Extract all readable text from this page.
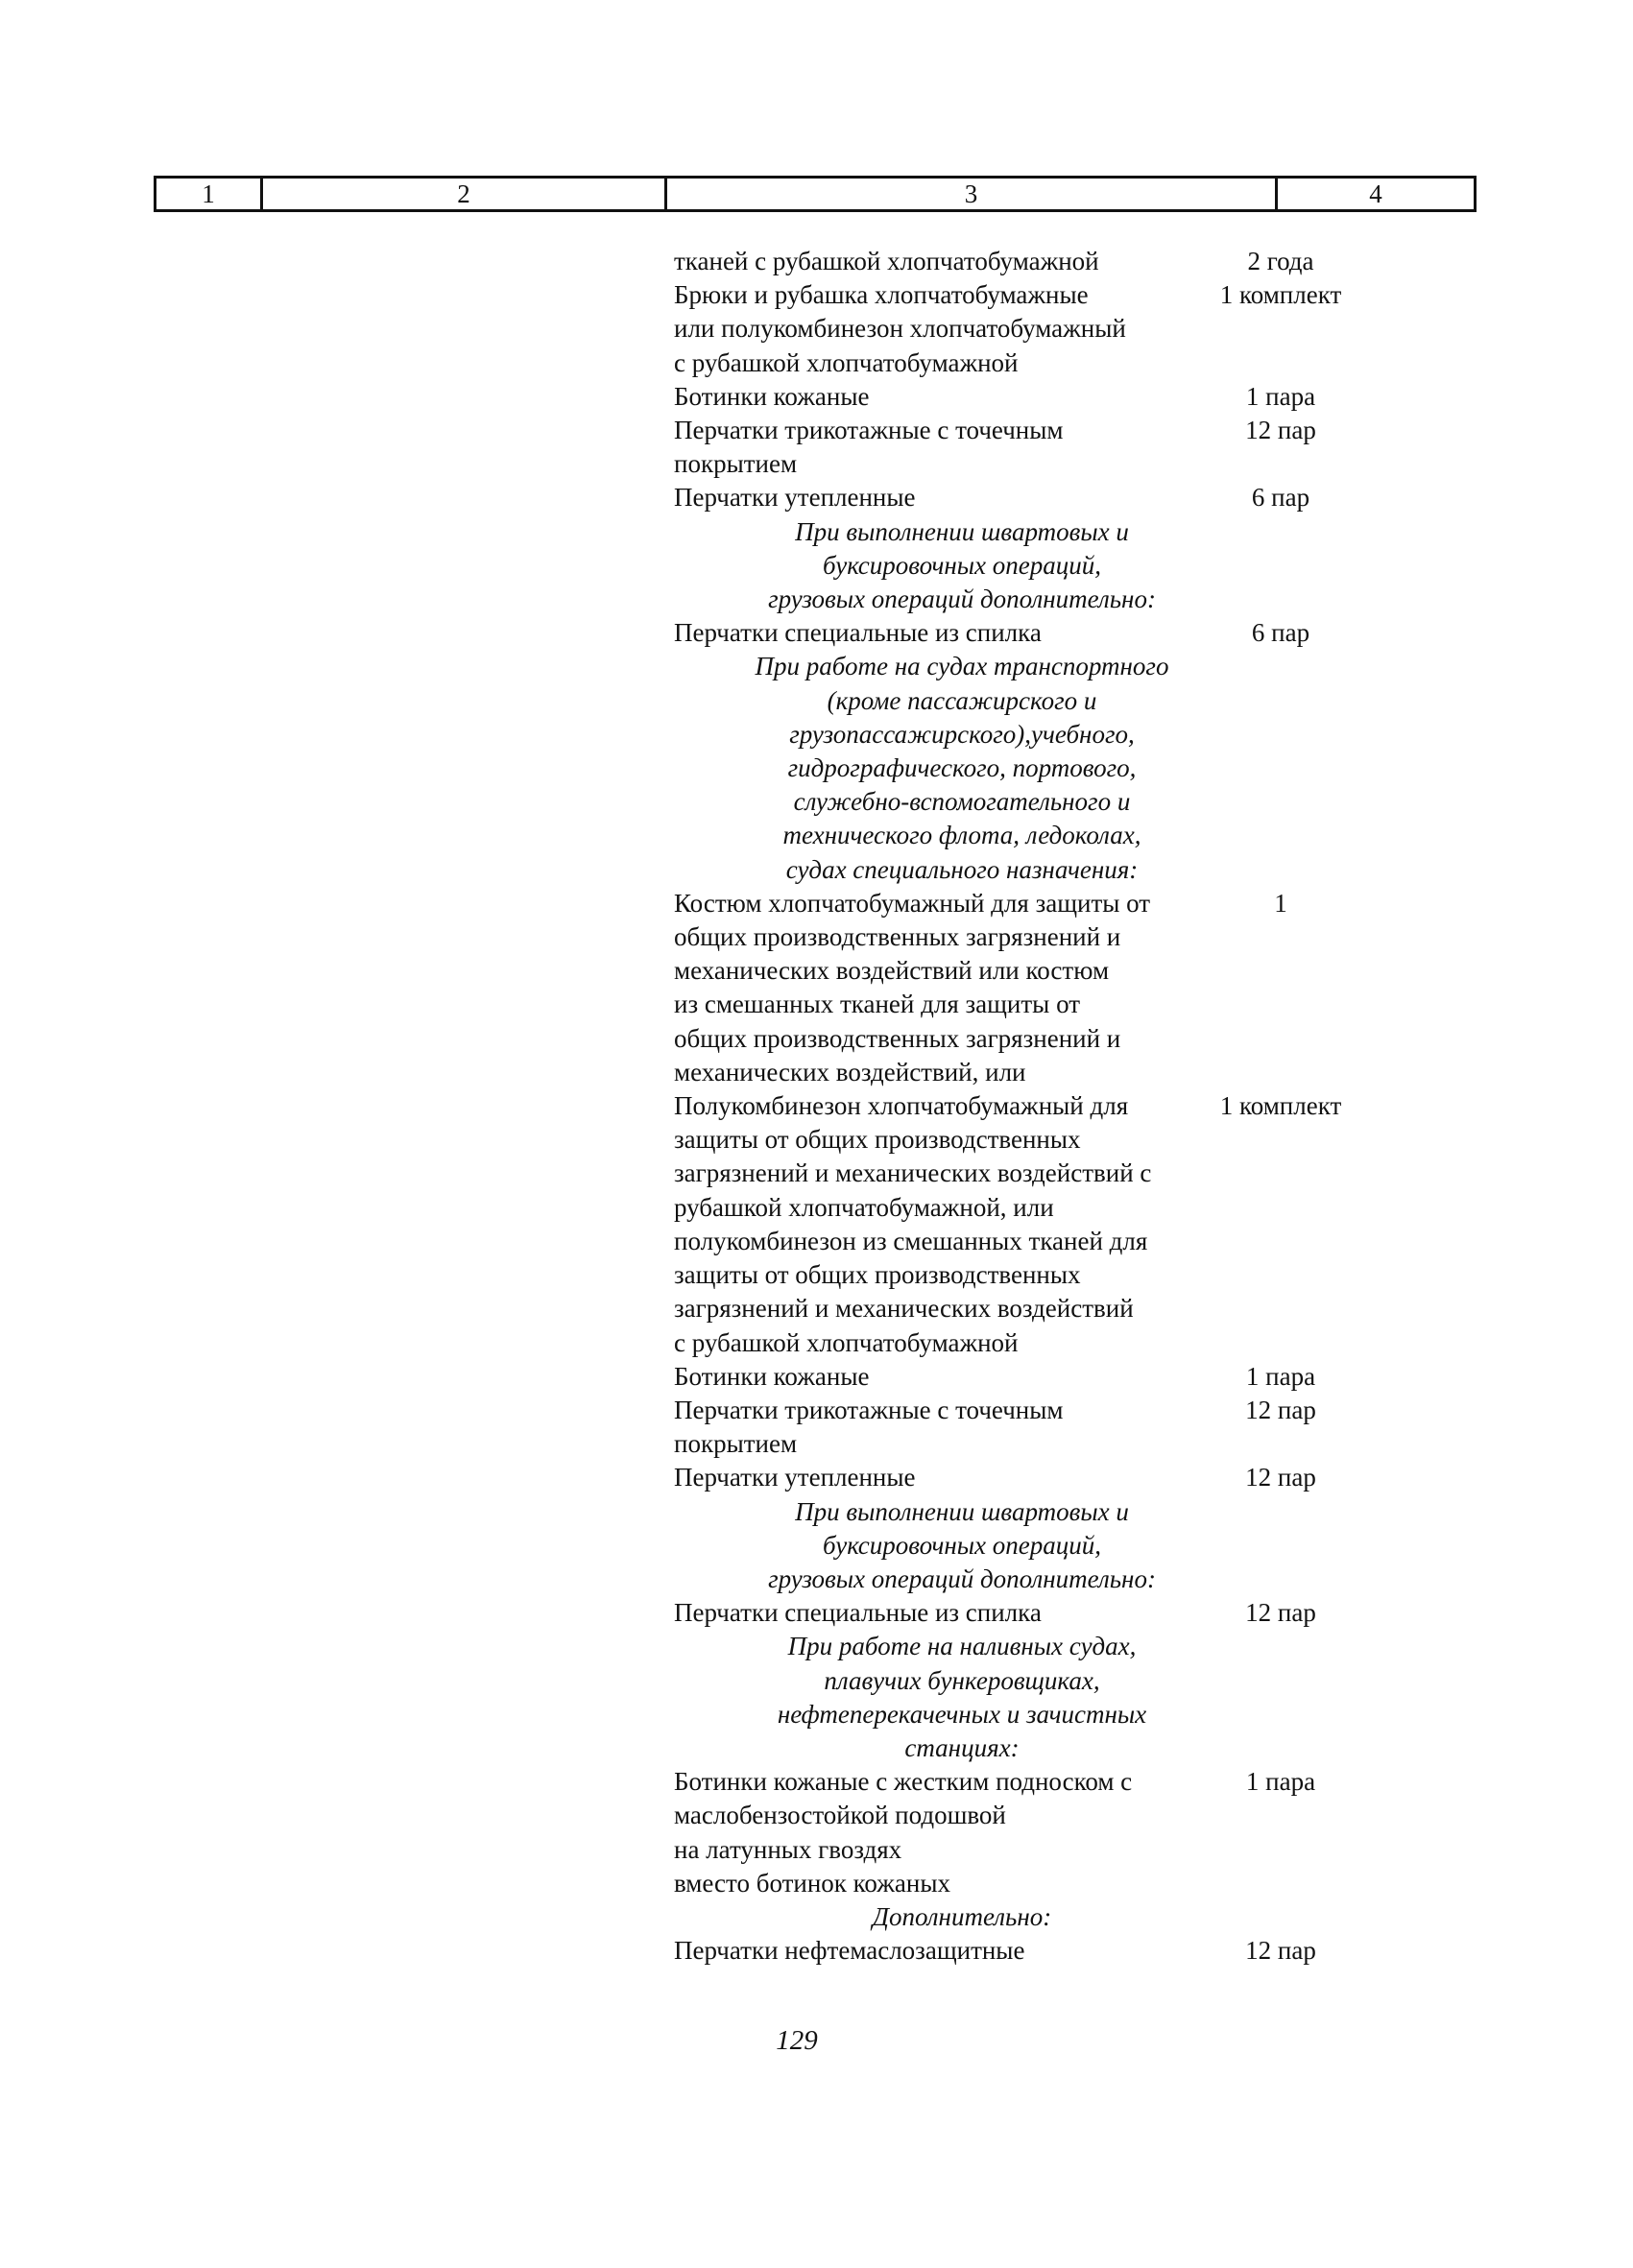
1	2	3	4
тканей с рубашкой хлопчатобумажной	2 года
Брюки и рубашка хлопчатобумажные	1 комплект
или полукомбинезон хлопчатобумажный
с рубашкой хлопчатобумажной
Ботинки кожаные	1 пара
Перчатки трикотажные с точечным	12 пар
покрытием
Перчатки утепленные	6 пар
При выполнении швартовых и
буксировочных операций,
грузовых операций дополнительно:
Перчатки специальные из спилка	6 пар
При работе на судах транспортного
(кроме пассажирского и
грузопассажирского),учебного,
гидрографического, портового,
служебно-вспомогательного и
технического флота, ледоколах,
судах специального назначения:
Костюм хлопчатобумажный для защиты от	1
общих производственных загрязнений и
механических воздействий или костюм
из смешанных тканей для защиты от
общих производственных загрязнений и
механических воздействий, или
Полукомбинезон хлопчатобумажный для	1 комплект
защиты от общих производственных
загрязнений и механических воздействий с
рубашкой хлопчатобумажной, или
полукомбинезон из смешанных тканей для
защиты от общих производственных
загрязнений и механических воздействий
с рубашкой хлопчатобумажной
Ботинки кожаные	1 пара
Перчатки трикотажные с точечным	12 пар
покрытием
Перчатки утепленные	12 пар
При выполнении швартовых и
буксировочных операций,
грузовых операций дополнительно:
Перчатки специальные из спилка	12 пар
При работе на наливных судах,
плавучих бункеровщиках,
нефтеперекачечных и зачистных
станциях:
Ботинки кожаные с жестким подноском с	1 пара
маслобензостойкой подошвой
на латунных гвоздях
вместо ботинок кожаных
Дополнительно:
Перчатки нефтемаслозащитные	12 пар
129
